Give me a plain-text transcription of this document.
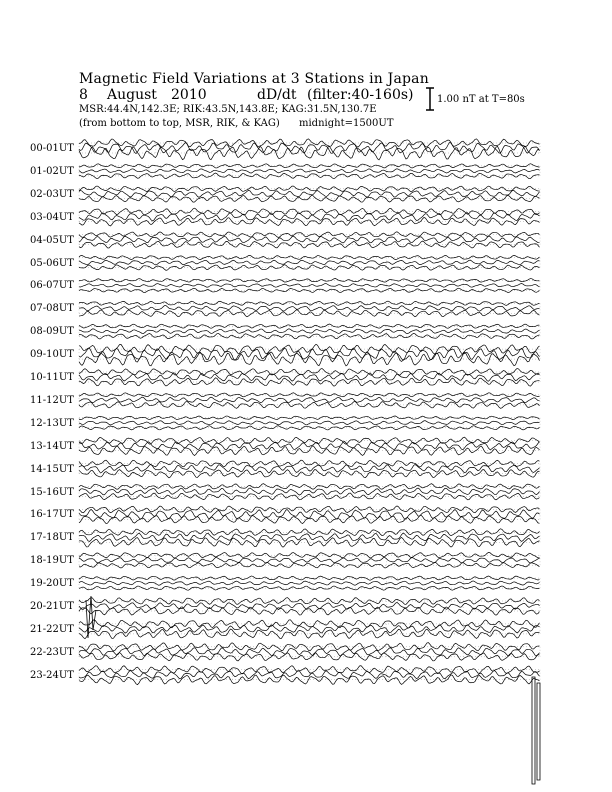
Magnetic Field Variations at 3 Stations in Japan
8 August 2010	dD/dt (filter:40-160s)
MSR:44.4N,142.3E; RIK:43.5N,143.8E; KAG:31.5N,130.7E
(from bottom to top, MSR, RIK, & KAG) midnight=1500UT
1.00 nT at T=80s
00-01UT
01-02UT
02-03UT
03-04UT
04-05UT
05-06UT
06-07UT
07-08UT
08-09UT
09-10UT
10-11UT
11-12UT
12-13UT
13-14UT
14-15UT
15-16UT
16-17UT
17-18UT
18-19UT
19-20UT
20-21UT
21-22UT
22-23UT
23-24UT
